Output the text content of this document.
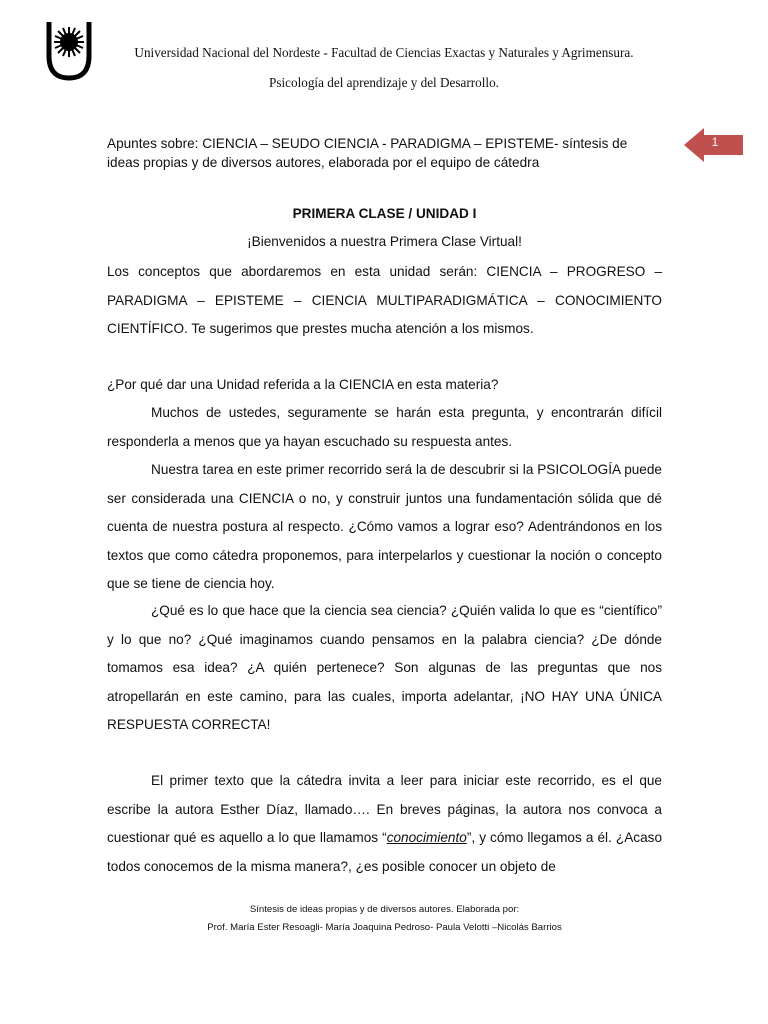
Universidad Nacional del Nordeste - Facultad de Ciencias Exactas y Naturales y Agrimensura.
Psicología del aprendizaje y del Desarrollo.
Apuntes sobre: CIENCIA – SEUDO CIENCIA - PARADIGMA – EPISTEME- síntesis de ideas propias y de diversos autores, elaborada por el equipo de cátedra
1
PRIMERA CLASE / UNIDAD I
¡Bienvenidos a nuestra Primera Clase Virtual!
Los conceptos que abordaremos en esta unidad serán: CIENCIA – PROGRESO – PARADIGMA – EPISTEME – CIENCIA MULTIPARADIGMÁTICA – CONOCIMIENTO CIENTÍFICO. Te sugerimos que prestes mucha atención a los mismos.
¿Por qué dar una Unidad referida a la CIENCIA en esta materia?
Muchos de ustedes, seguramente se harán esta pregunta, y encontrarán difícil responderla a menos que ya hayan escuchado su respuesta antes.
Nuestra tarea en este primer recorrido será la de descubrir si la PSICOLOGÍA puede ser considerada una CIENCIA o no, y construir juntos una fundamentación sólida que dé cuenta de nuestra postura al respecto. ¿Cómo vamos a lograr eso? Adentrándonos en los textos que como cátedra proponemos, para interpelarlos y cuestionar la noción o concepto que se tiene de ciencia hoy.
¿Qué es lo que hace que la ciencia sea ciencia? ¿Quién valida lo que es “científico” y lo que no? ¿Qué imaginamos cuando pensamos en la palabra ciencia? ¿De dónde tomamos esa idea? ¿A quién pertenece? Son algunas de las preguntas que nos atropellarán en este camino, para las cuales, importa adelantar, ¡NO HAY UNA ÚNICA RESPUESTA CORRECTA!
El primer texto que la cátedra invita a leer para iniciar este recorrido, es el que escribe la autora Esther Díaz, llamado…. En breves páginas, la autora nos convoca a cuestionar qué es aquello a lo que llamamos “conocimiento”, y cómo llegamos a él. ¿Acaso todos conocemos de la misma manera?, ¿es posible conocer un objeto de
Síntesis de ideas propias y de diversos autores. Elaborada por:
Prof. María Ester Resoagli- María Joaquina Pedroso- Paula Velotti –Nicolás Barrios
